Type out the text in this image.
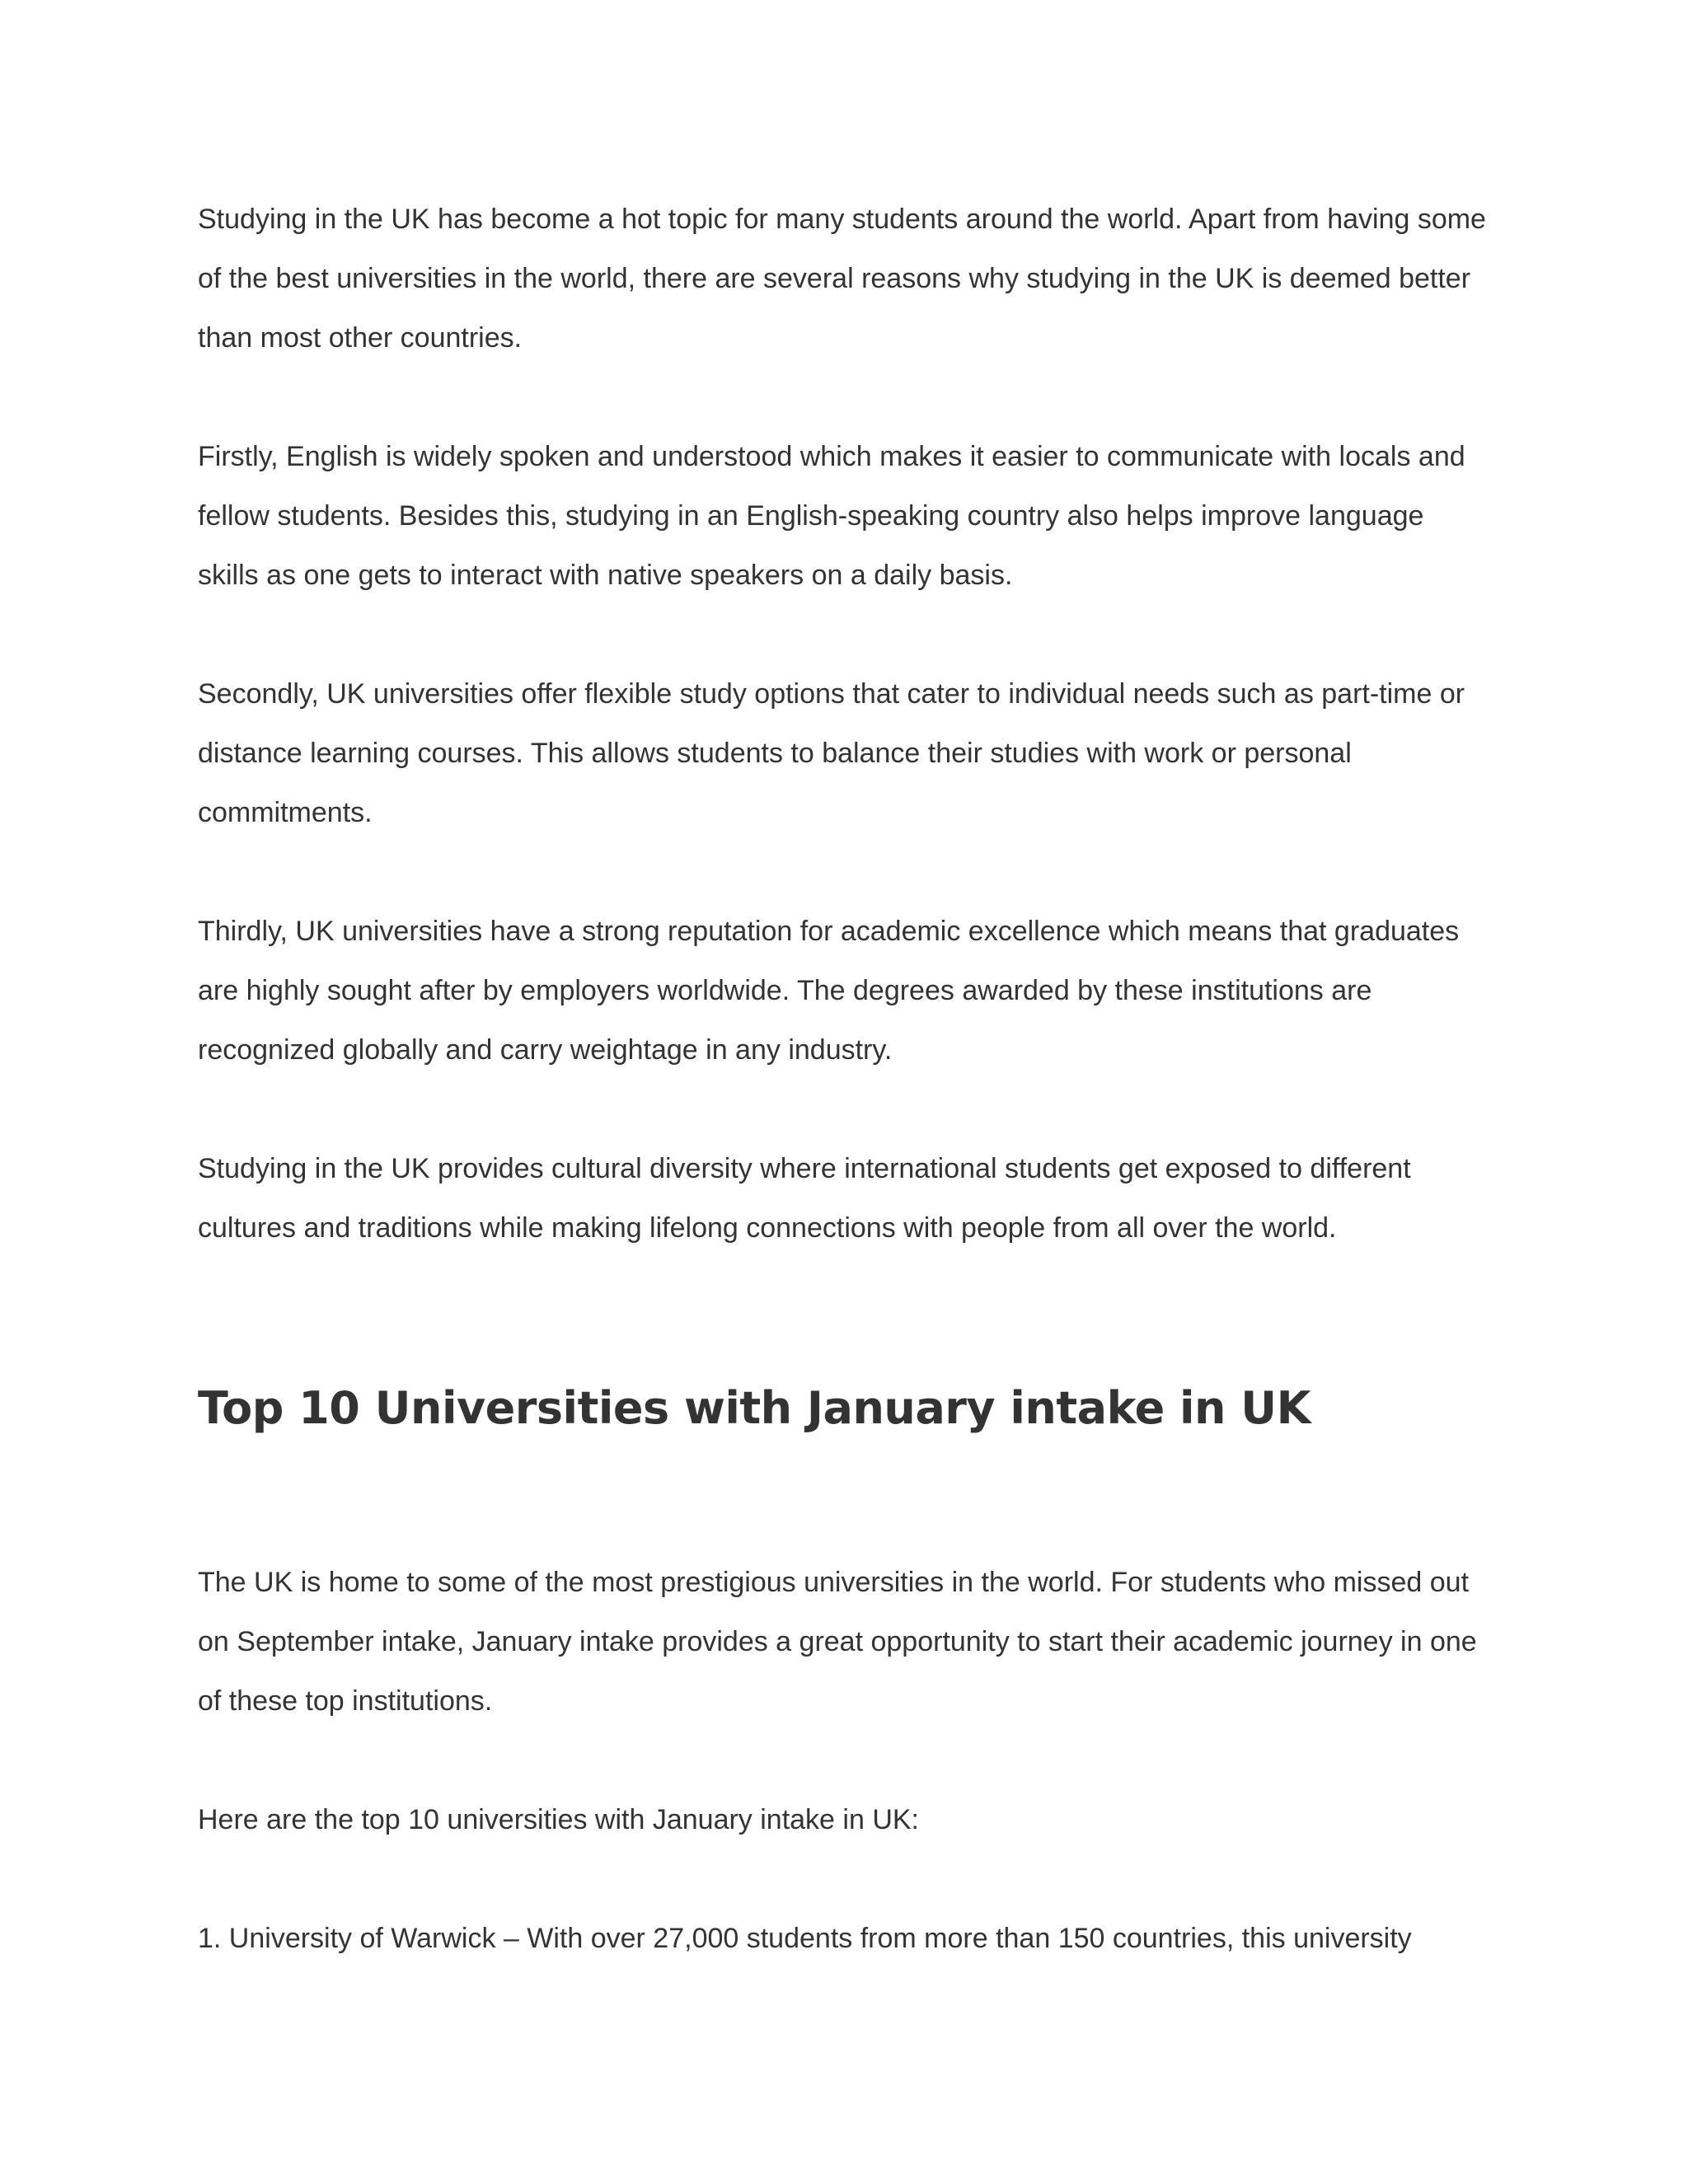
Studying in the UK has become a hot topic for many students around the world. Apart from having some of the best universities in the world, there are several reasons why studying in the UK is deemed better than most other countries.

Firstly, English is widely spoken and understood which makes it easier to communicate with locals and fellow students. Besides this, studying in an English-speaking country also helps improve language skills as one gets to interact with native speakers on a daily basis.

Secondly, UK universities offer flexible study options that cater to individual needs such as part-time or distance learning courses. This allows students to balance their studies with work or personal commitments.

Thirdly, UK universities have a strong reputation for academic excellence which means that graduates are highly sought after by employers worldwide. The degrees awarded by these institutions are recognized globally and carry weightage in any industry.

Studying in the UK provides cultural diversity where international students get exposed to different cultures and traditions while making lifelong connections with people from all over the world.

Top 10 Universities with January intake in UK

The UK is home to some of the most prestigious universities in the world. For students who missed out on September intake, January intake provides a great opportunity to start their academic journey in one of these top institutions.

Here are the top 10 universities with January intake in UK:

1. University of Warwick – With over 27,000 students from more than 150 countries, this university
